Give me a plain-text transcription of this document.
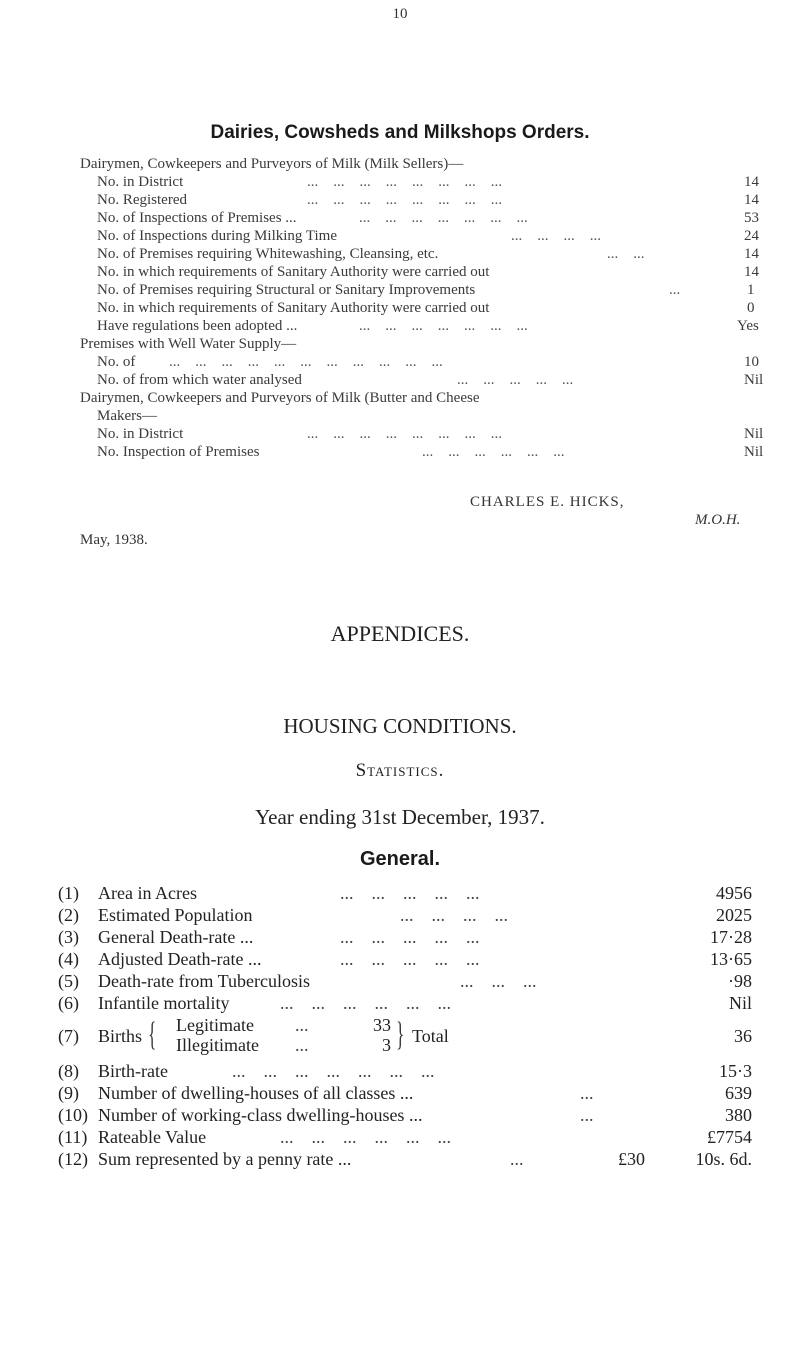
10
Dairies, Cowsheds and Milkshops Orders.
Dairymen, Cowkeepers and Purveyors of Milk (Milk Sellers)—
No. in District	...    ...    ...    ...    ...    ...    ...    ...	14
No. Registered	...    ...    ...    ...    ...    ...    ...    ...	14
No. of Inspections of Premises ...	...    ...    ...    ...    ...    ...    ...	53
No. of Inspections during Milking Time	...    ...    ...    ...	24
No. of Premises requiring Whitewashing, Cleansing, etc.	...    ...	14
No. in which requirements of Sanitary Authority were carried out	14
No. of Premises requiring Structural or Sanitary Improvements	...	1
No. in which requirements of Sanitary Authority were carried out	0
Have regulations been adopted ...	...    ...    ...    ...    ...    ...    ...	Yes
Premises with Well Water Supply—
No. of ...    ...    ...    ...    ...    ...    ...    ...    ...    ...    ...	10
No. of from which water analysed	...    ...    ...    ...    ...	Nil
Dairymen, Cowkeepers and Purveyors of Milk (Butter and Cheese
Makers—
No. in District	...    ...    ...    ...    ...    ...    ...    ...	Nil
No. Inspection of Premises	...    ...    ...    ...    ...    ...	Nil
CHARLES E. HICKS,
M.O.H.
May, 1938.
APPENDICES.
HOUSING CONDITIONS.
Statistics.
Year ending 31st December, 1937.
General.
(1) Area in Acres	...    ...    ...    ...    ...	4956
(2) Estimated Population	...    ...    ...    ...	2025
(3) General Death-rate ...	...    ...    ...    ...    ...	17·28
(4) Adjusted Death-rate ...	...    ...    ...    ...    ...	13·65
(5) Death-rate from Tuberculosis	...    ...    ...	·98
(6) Infantile mortality	...    ...    ...    ...    ...    ...	Nil
(7) Births { Legitimate ...	33
Illegitimate ...	3 } Total	36
(8) Birth-rate	...    ...    ...    ...    ...    ...    ...	15·3
(9) Number of dwelling-houses of all classes ...	...	639
(10) Number of working-class dwelling-houses ...	...	380
(11) Rateable Value	...    ...    ...    ...    ...    ...	£7754
(12) Sum represented by a penny rate ...	...	£30	10s. 6d.
